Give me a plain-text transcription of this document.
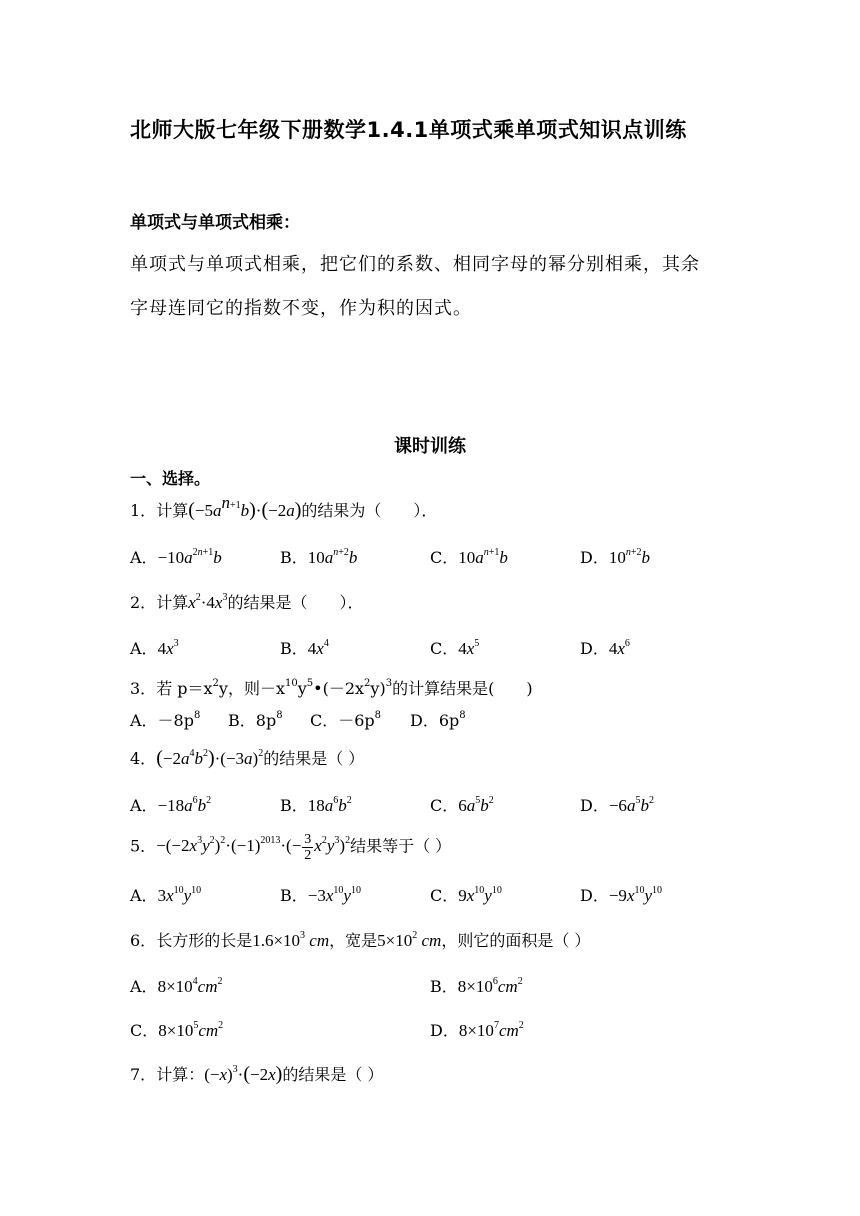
北师大版七年级下册数学1.4.1单项式乘单项式知识点训练
单项式与单项式相乘：
单项式与单项式相乘，把它们的系数、相同字母的幂分别相乘，其余
字母连同它的指数不变，作为积的因式。
课时训练
一、选择。
1．计算$(-5a^{n+1}b)\cdot(-2a)$的结果为（　　）．
A．$-10a^{2n+1}b$	B．$10a^{n+2}b$	C．$10a^{n+1}b$	D．$10^{n+2}b$
2．计算$x^2\cdot 4x^3$的结果是（　　）．
A．$4x^3$	B．$4x^4$	C．$4x^5$	D．$4x^6$
3．若 $p=x^2y$，则$-x^{10}y^5•(-2x^2y)^3$的计算结果是(　　)
A．$-8p^8$ B．$8p^8$ C．$-6p^8$ D．$6p^8$
4．$(-2a^4b^2)\cdot(-3a)^2$的结果是（ ）
A．$-18a^6b^2$	B．$18a^6b^2$	C．$6a^5b^2$	D．$-6a^5b^2$
5．$-(-2x^3y^2)^2\cdot(-1)^{2013}\cdot(- \frac{3}{2} x^2y^3)^2$结果等于（ ）
A．$3x^{10}y^{10}$	B．$-3x^{10}y^{10}$	C．$9x^{10}y^{10}$	D．$-9x^{10}y^{10}$
6．长方形的长是$1.6\times 10^3$ cm，宽是$5\times 10^2$ cm，则它的面积是（ ）
A．$8\times 10^4cm^2$	B．$8\times 10^6cm^2$
C．$8\times 10^5cm^2$	D．$8\times 10^7cm^2$
7．计算：$(-x)^3\cdot(-2x)$的结果是（ ）
